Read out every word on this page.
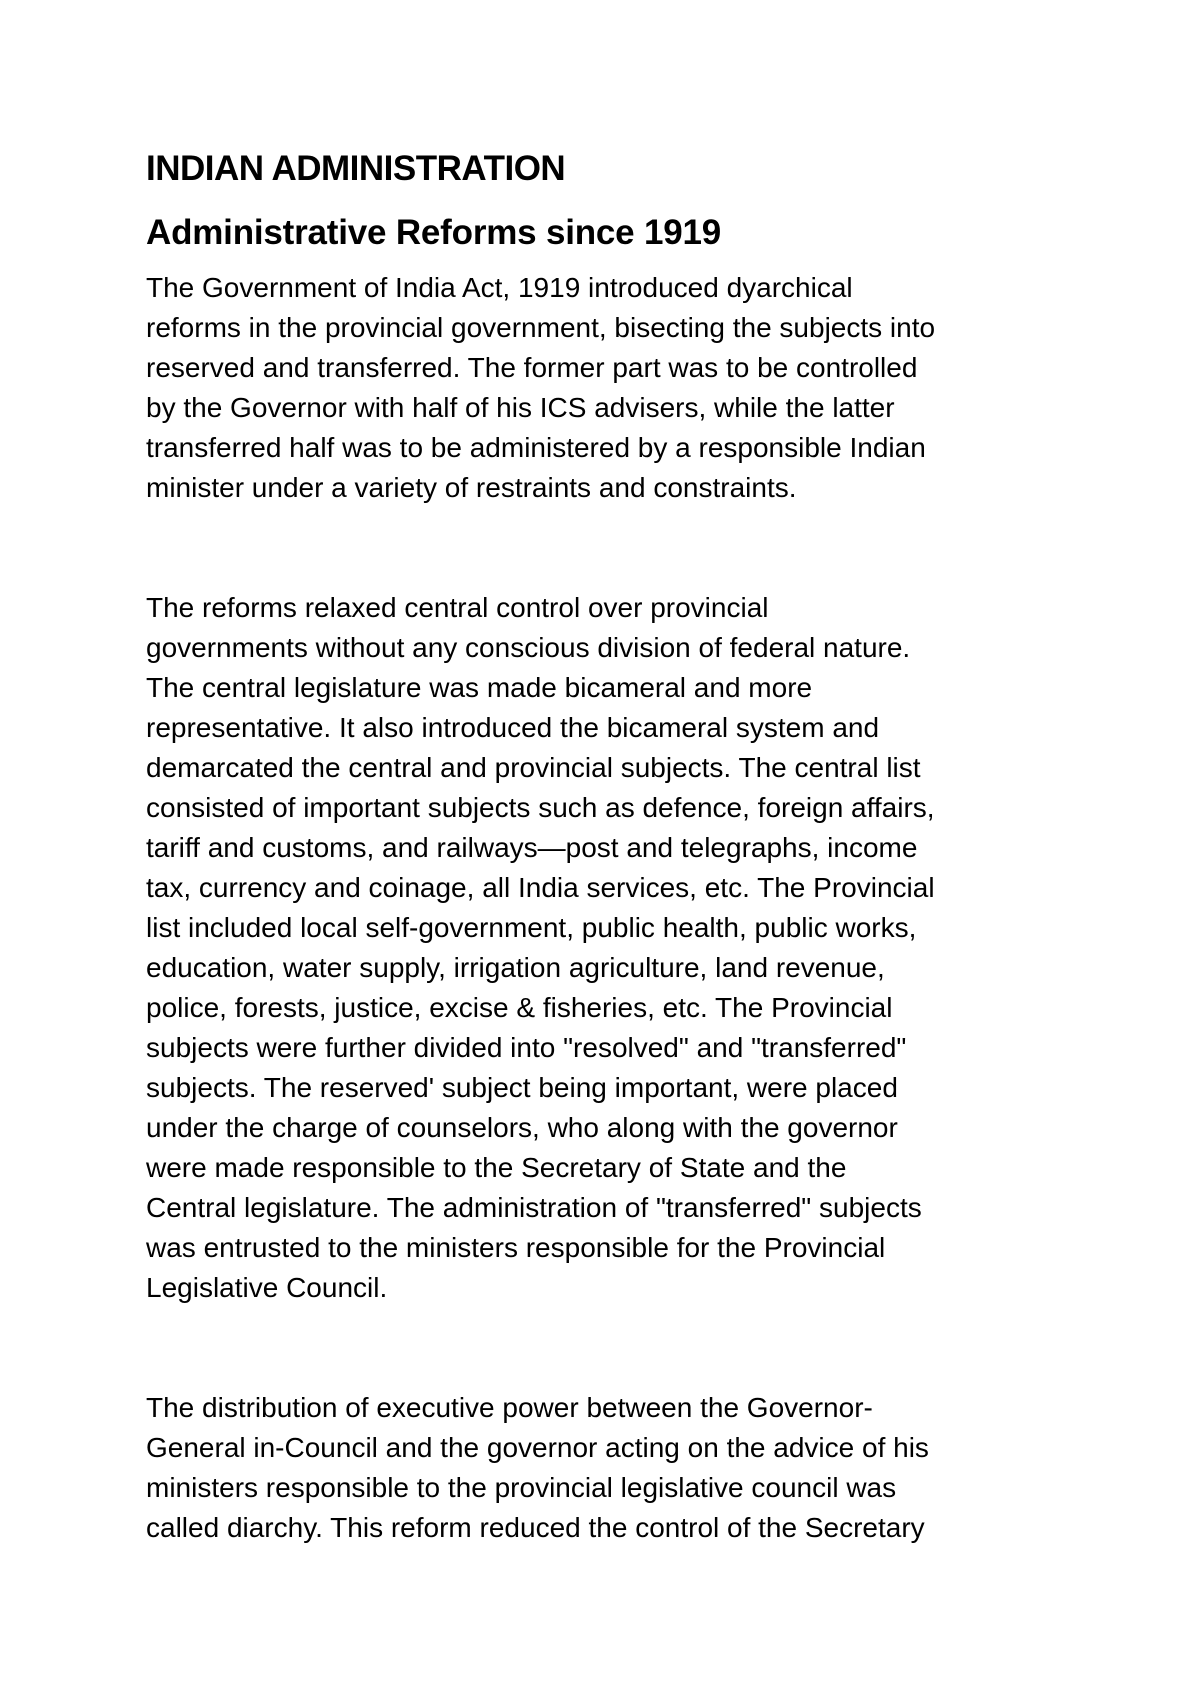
INDIAN ADMINISTRATION
Administrative Reforms since 1919

The Government of India Act, 1919 introduced dyarchical
reforms in the provincial government, bisecting the subjects into
reserved and transferred. The former part was to be controlled
by the Governor with half of his ICS advisers, while the latter
transferred half was to be administered by a responsible Indian
minister under a variety of restraints and constraints.

The reforms relaxed central control over provincial
governments without any conscious division of federal nature.
The central legislature was made bicameral and more
representative. It also introduced the bicameral system and
demarcated the central and provincial subjects. The central list
consisted of important subjects such as defence, foreign affairs,
tariff and customs, and railways—post and telegraphs, income
tax, currency and coinage, all India services, etc. The Provincial
list included local self-government, public health, public works,
education, water supply, irrigation agriculture, land revenue,
police, forests, justice, excise & fisheries, etc. The Provincial
subjects were further divided into "resolved" and "transferred"
subjects. The reserved' subject being important, were placed
under the charge of counselors, who along with the governor
were made responsible to the Secretary of State and the
Central legislature. The administration of "transferred" subjects
was entrusted to the ministers responsible for the Provincial
Legislative Council.

The distribution of executive power between the Governor-
General in-Council and the governor acting on the advice of his
ministers responsible to the provincial legislative council was
called diarchy. This reform reduced the control of the Secretary
